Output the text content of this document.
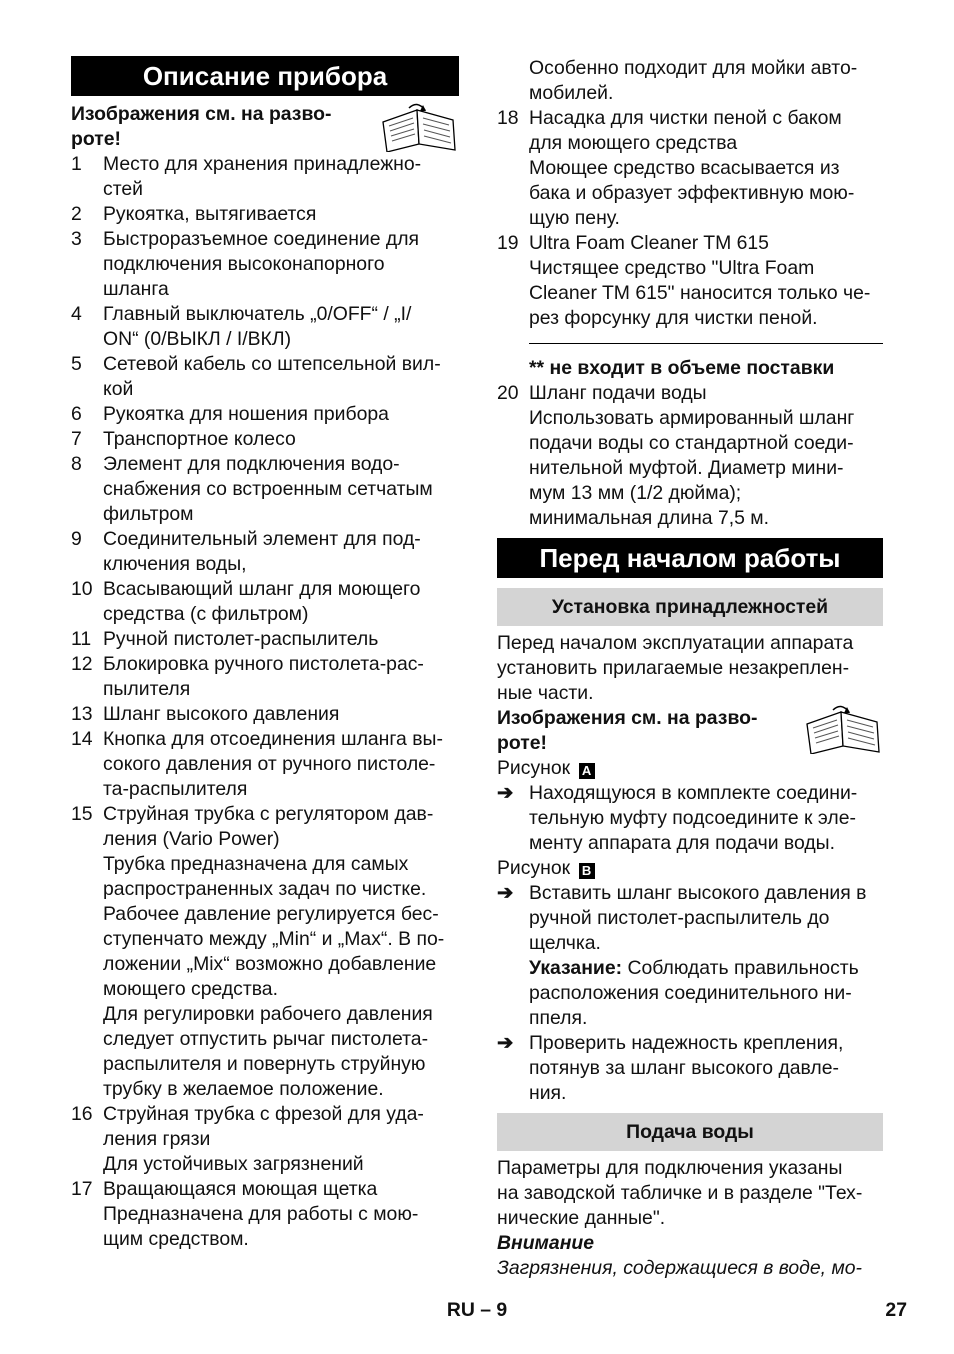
Описание прибора
Изображения см. на разво-
роте!
1 Место для хранения принадлежно-
стей
2 Рукоятка, вытягивается
3 Быстроразъемное соединение для
подключения высоконапорного
шланга
4 Главный выключатель „0/OFF“ / „I/
ON“ (0/ВЫКЛ / I/ВКЛ)
5 Сетевой кабель со штепсельной вил-
кой
6 Рукоятка для ношения прибора
7 Транспортное колесо
8 Элемент для подключения водо-
снабжения со встроенным сетчатым
фильтром
9 Соединительный элемент для под-
ключения воды,
10 Всасывающий шланг для моющего
средства (с фильтром)
11 Ручной пистолет-распылитель
12 Блокировка ручного пистолета-рас-
пылителя
13 Шланг высокого давления
14 Кнопка для отсоединения шланга вы-
сокого давления от ручного пистоле-
та-распылителя
15 Струйная трубка с регулятором дав-
ления (Vario Power)
Трубка предназначена для самых
распространенных задач по чистке.
Рабочее давление регулируется бес-
ступенчато между „Min“ и „Max“. В по-
ложении „Mix“ возможно добавление
моющего средства.
Для регулировки рабочего давления
следует отпустить рычаг пистолета-
распылителя и повернуть струйную
трубку в желаемое положение.
16 Струйная трубка с фрезой для уда-
ления грязи
Для устойчивых загрязнений
17 Вращающаяся моющая щетка
Предназначена для работы с мою-
щим средством.
Особенно подходит для мойки авто-
мобилей.
18 Насадка для чистки пеной с баком
для моющего средства
Моющее средство всасывается из
бака и образует эффективную мою-
щую пену.
19 Ultra Foam Cleaner TM 615
Чистящее средство "Ultra Foam
Cleaner TM 615" наносится только че-
рез форсунку для чистки пеной.
** не входит в объеме поставки
20 Шланг подачи воды
Использовать армированный шланг
подачи воды со стандартной соеди-
нительной муфтой. Диаметр мини-
мум 13 мм (1/2 дюйма);
минимальная длина 7,5 м.
Перед началом работы
Установка принадлежностей
Перед началом эксплуатации аппарата
установить прилагаемые незакреплен-
ные части.
Изображения см. на разво-
роте!
Рисунок A
➔ Находящуюся в комплекте соедини-
тельную муфту подсоедините к эле-
менту аппарата для подачи воды.
Рисунок B
➔ Вставить шланг высокого давления в
ручной пистолет-распылитель до
щелчка.
Указание: Соблюдать правильность
расположения соединительного ни-
ппеля.
➔ Проверить надежность крепления,
потянув за шланг высокого давле-
ния.
Подача воды
Параметры для подключения указаны
на заводской табличке и в разделе "Тех-
нические данные".
Внимание
Загрязнения, содержащиеся в воде, мо-
RU – 9	27
